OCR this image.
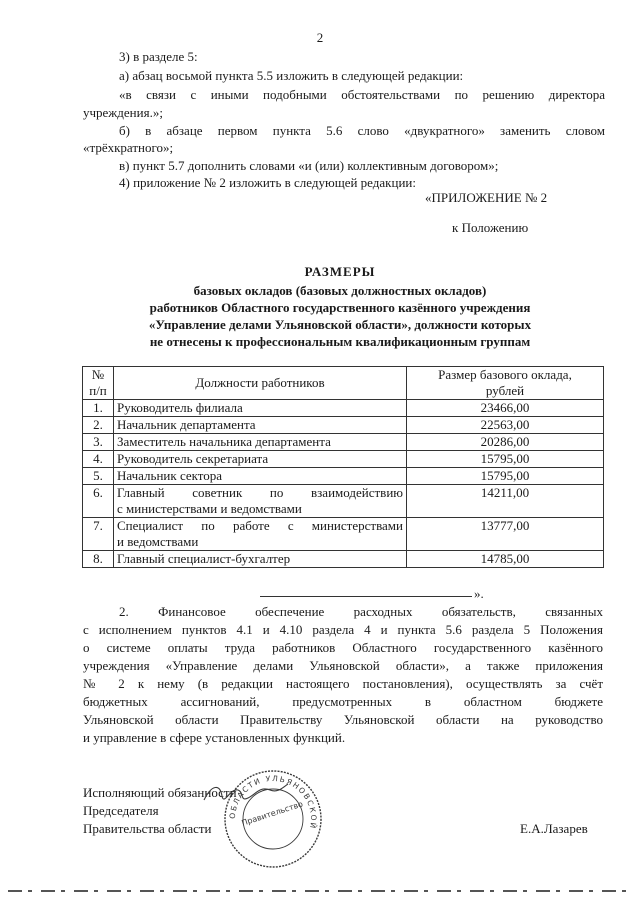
2
3) в разделе 5:
а) абзац восьмой пункта 5.5 изложить в следующей редакции:
«в связи с иными подобными обстоятельствами по решению директора
учреждения.»;
б) в абзаце первом пункта 5.6 слово «двукратного» заменить словом
«трёхкратного»;
в) пункт 5.7 дополнить словами «и (или) коллективным договором»;
4) приложение № 2 изложить в следующей редакции:
«ПРИЛОЖЕНИЕ № 2
к Положению
РАЗМЕРЫ
базовых окладов (базовых должностных окладов)
работников Областного государственного казённого учреждения
«Управление делами Ульяновской области», должности которых
не отнесены к профессиональным квалификационным группам
№
п/п	Должности работников	Размер базового оклада,
рублей
1.	Руководитель филиала	23466,00
2.	Начальник департамента	22563,00
3.	Заместитель начальника департамента	20286,00
4.	Руководитель секретариата	15795,00
5.	Начальник сектора	15795,00
6.	Главный советник по взаимодействию
с министерствами и ведомствами	14211,00
7.	Специалист по работе с министерствами
и ведомствами	13777,00
8.	Главный специалист-бухгалтер	14785,00
».
2. Финансовое обеспечение расходных обязательств, связанных
с исполнением пунктов 4.1 и 4.10 раздела 4 и пункта 5.6 раздела 5 Положения
о системе оплаты труда работников Областного государственного казённого
учреждения «Управление делами Ульяновской области», а также приложения
№ 2 к нему (в редакции настоящего постановления), осуществлять за счёт
бюджетных ассигнований, предусмотренных в областном бюджете
Ульяновской области Правительству Ульяновской области на руководство
и управление в сфере установленных функций.
Исполняющий обязанности
Председателя
Правительства области	Е.А.Лазарев
ОБЛАСТИ УЛЬЯНОВСКОЙ
Правительство
